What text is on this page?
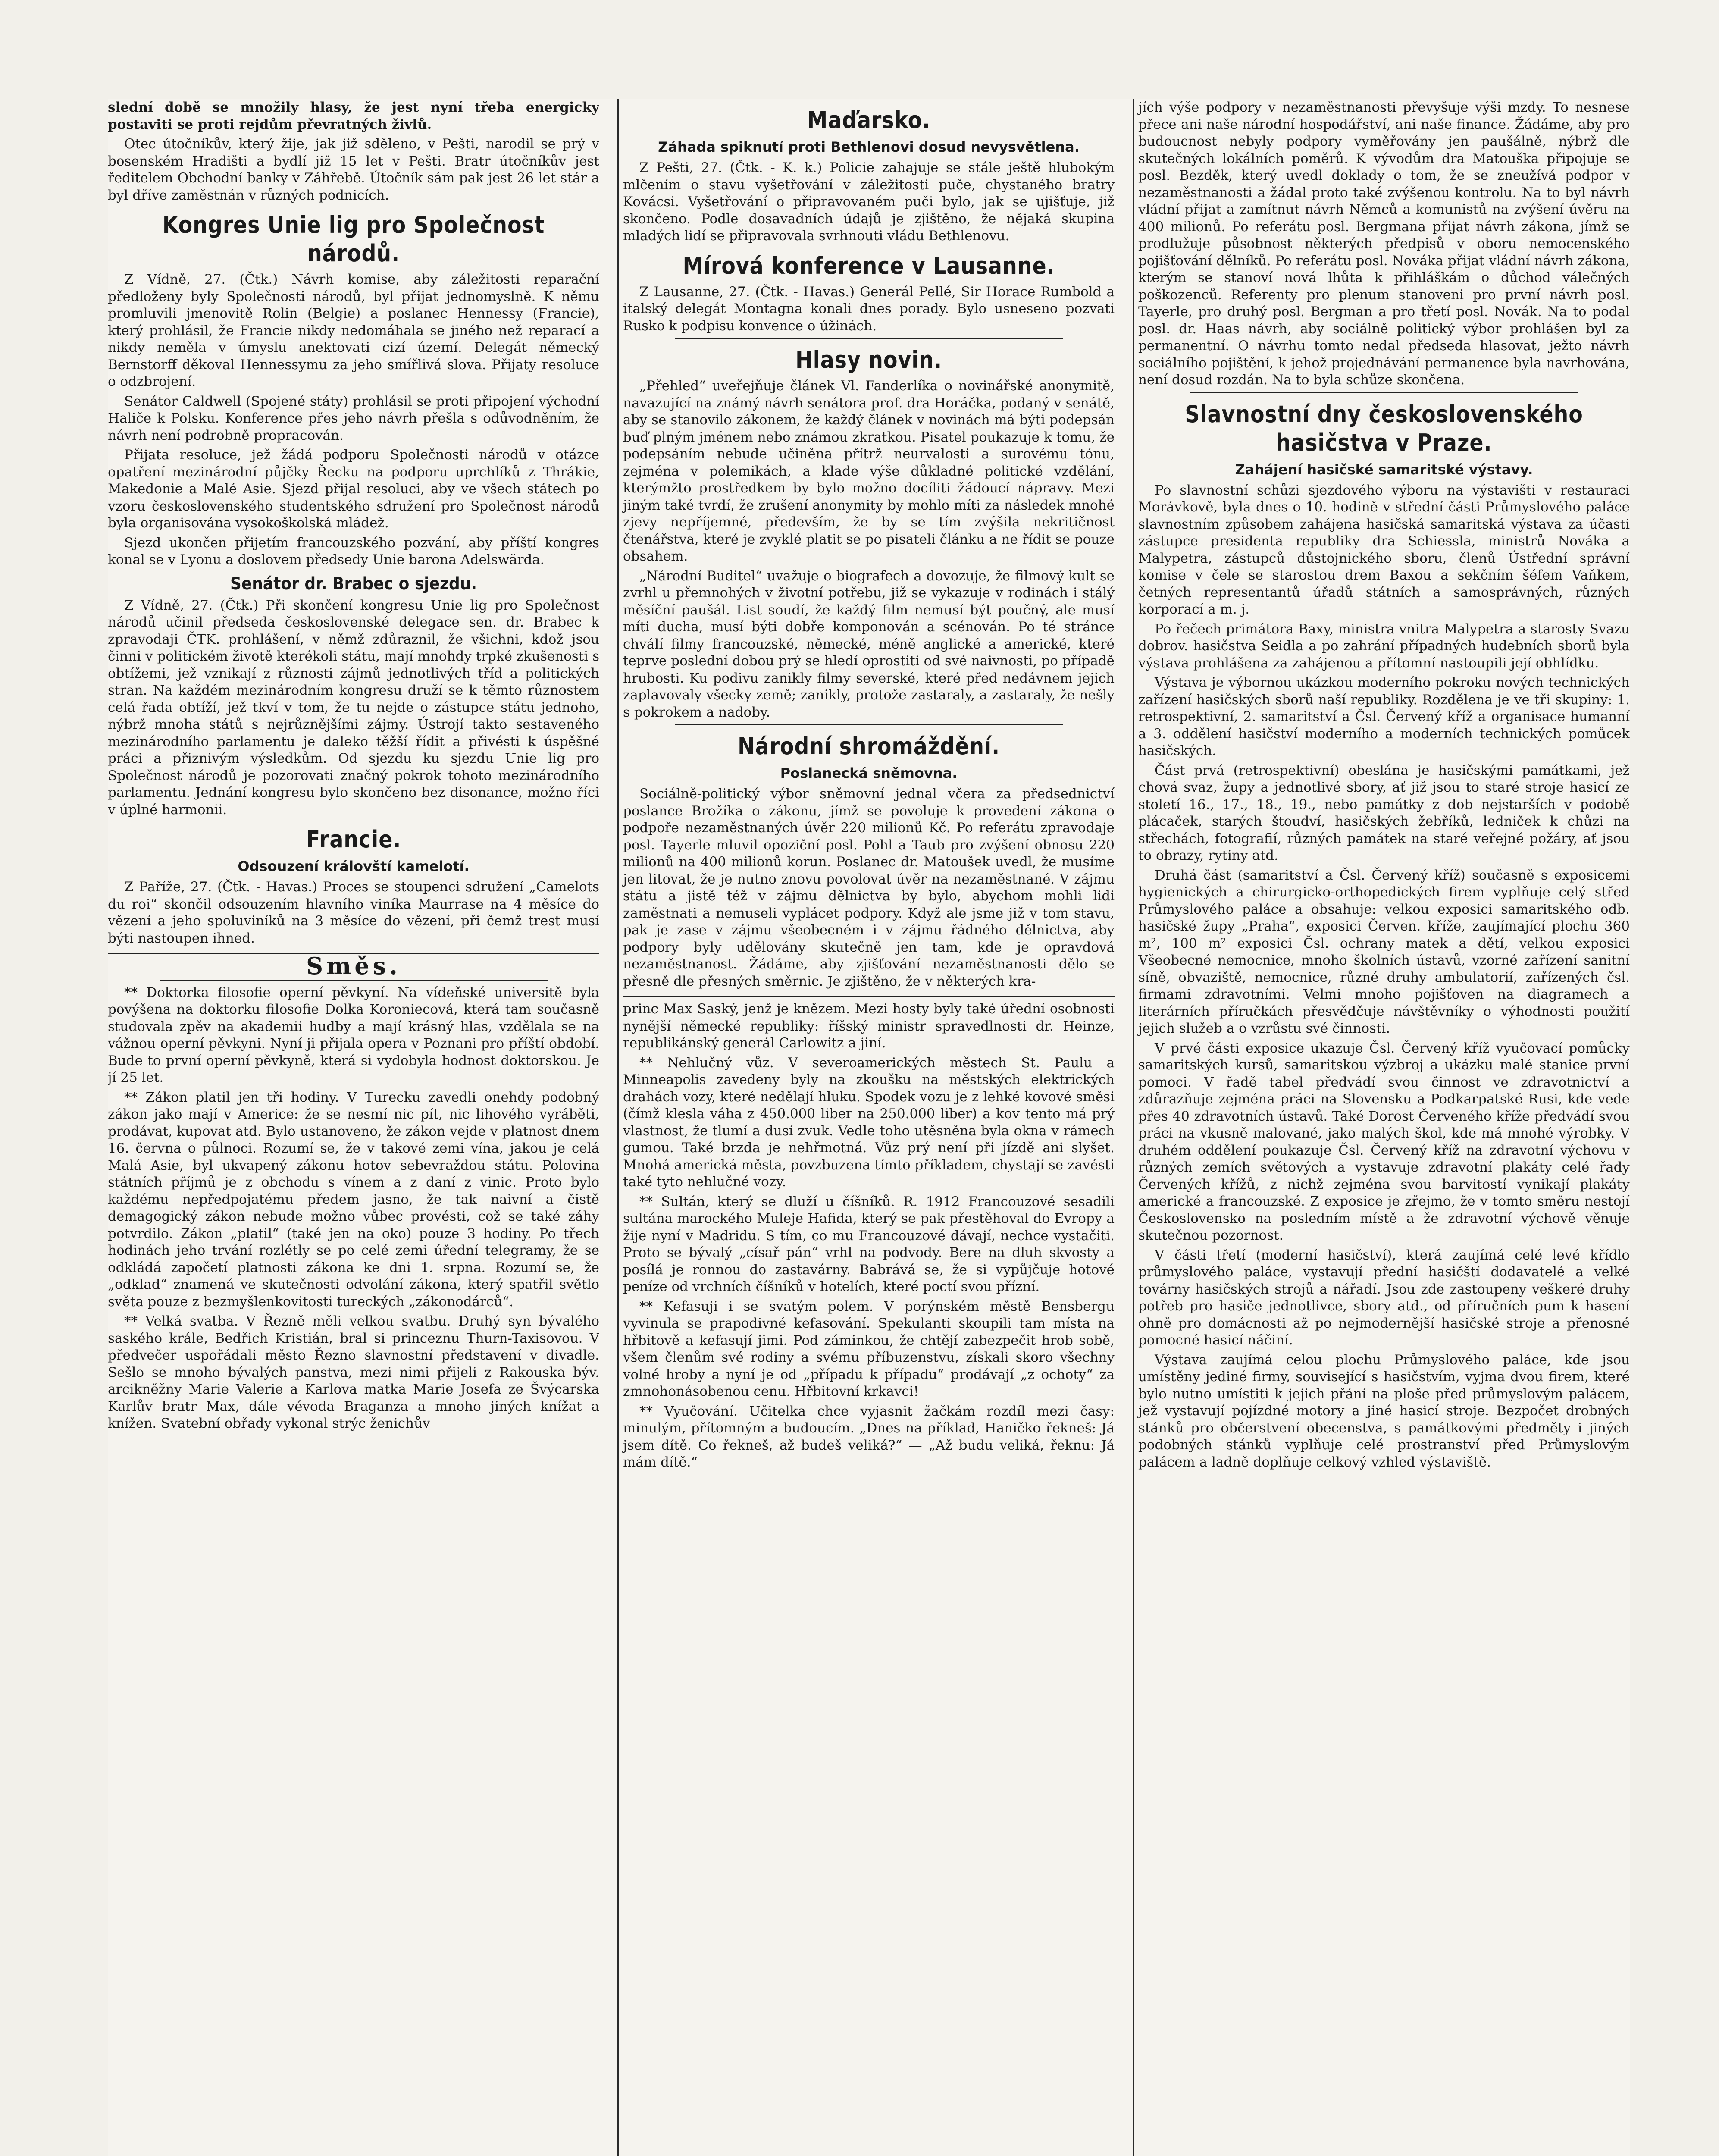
slední době se množily hlasy, že jest nyní třeba energicky postaviti se proti rejdům převratných živlů.

Otec útočníkův, který žije, jak již sděleno, v Pešti, narodil se prý v bosenském Hradišti a bydlí již 15 let v Pešti. Bratr útočníkův jest ředitelem Obchodní banky v Záhřebě. Útočník sám pak jest 26 let stár a byl dříve zaměstnán v různých podnicích.

Kongres Unie lig pro Společnost národů.

Z Vídně, 27. (Čtk.) Návrh komise, aby záležitosti reparační předloženy byly Společnosti národů, byl přijat jednomyslně. K němu promluvili jmenovitě Rolin (Belgie) a poslanec Hennessy (Francie), který prohlásil, že Francie nikdy nedomáhala se jiného než reparací a nikdy neměla v úmyslu anektovati cizí území. Delegát německý Bernstorff děkoval Hennessymu za jeho smířlivá slova. Přijaty resoluce o odzbrojení.

Senátor Caldwell (Spojené státy) prohlásil se proti připojení východní Haliče k Polsku. Konference přes jeho návrh přešla s odůvodněním, že návrh není podrobně propracován.

Přijata resoluce, jež žádá podporu Společnosti národů v otázce opatření mezinárodní půjčky Řecku na podporu uprchlíků z Thrákie, Makedonie a Malé Asie. Sjezd přijal resoluci, aby ve všech státech po vzoru československého studentského sdružení pro Společnost národů byla organisována vysokoškolská mládež.

Sjezd ukončen přijetím francouzského pozvání, aby příští kongres konal se v Lyonu a doslovem předsedy Unie barona Adelswärda.

Senátor dr. Brabec o sjezdu.

Z Vídně, 27. (Čtk.) Při skončení kongresu Unie lig pro Společnost národů učinil předseda československé delegace sen. dr. Brabec k zpravodaji ČTK. prohlášení, v němž zdůraznil, že všichni, kdož jsou činni v politickém životě kterékoli státu, mají mnohdy trpké zkušenosti s obtížemi, jež vznikají z různosti zájmů jednotlivých tříd a politických stran. Na každém mezinárodním kongresu druží se k těmto různostem celá řada obtíží, jež tkví v tom, že tu nejde o zástupce státu jednoho, nýbrž mnoha států s nejrůznějšími zájmy. Ústrojí takto sestaveného mezinárodního parlamentu je daleko těžší řídit a přivésti k úspěšné práci a přiznivým výsledkům. Od sjezdu ku sjezdu Unie lig pro Společnost národů je pozorovati značný pokrok tohoto mezinárodního parlamentu. Jednání kongresu bylo skončeno bez disonance, možno říci v úplné harmonii.

Francie.
Odsouzení královští kamelotí.

Z Paříže, 27. (Čtk. - Havas.) Proces se stoupenci sdružení „Camelots du roi“ skončil odsouzením hlavního viníka Maurrase na 4 měsíce do vězení a jeho spoluviníků na 3 měsíce do vězení, při čemž trest musí býti nastoupen ihned.

Směs.

** Doktorka filosofie operní pěvkyní. Na vídeňské universitě byla povýšena na doktorku filosofie Dolka Koroniecová, která tam současně studovala zpěv na akademii hudby a mají krásný hlas, vzdělala se na vážnou operní pěvkyni. Nyní ji přijala opera v Poznani pro příští období. Bude to první operní pěvkyně, která si vydobyla hodnost doktorskou. Je jí 25 let.

** Zákon platil jen tři hodiny. V Turecku zavedli onehdy podobný zákon jako mají v Americe: že se nesmí nic pít, nic lihového vyráběti, prodávat, kupovat atd. Bylo ustanoveno, že zákon vejde v platnost dnem 16. června o půlnoci. Rozumí se, že v takové zemi vína, jakou je celá Malá Asie, byl ukvapený zákonu hotov sebevraždou státu. Polovina státních příjmů je z obchodu s vínem a z daní z vinic. Proto bylo každému nepředpojatému předem jasno, že tak naivní a čistě demagogický zákon nebude možno vůbec provésti, což se také záhy potvrdilo. Zákon „platil“ (také jen na oko) pouze 3 hodiny. Po třech hodinách jeho trvání rozlétly se po celé zemi úřední telegramy, že se odkládá započetí platnosti zákona ke dni 1. srpna. Rozumí se, že „odklad“ znamená ve skutečnosti odvolání zákona, který spatřil světlo světa pouze z bezmyšlenkovitosti tureckých „zákonodárců“.

** Velká svatba. V Řezně měli velkou svatbu. Druhý syn bývalého saského krále, Bedřich Kristián, bral si princeznu Thurn-Taxisovou. V předvečer uspořádali město Řezno slavnostní představení v divadle. Sešlo se mnoho bývalých panstva, mezi nimi přijeli z Rakouska býv. arcikněžny Marie Valerie a Karlova matka Marie Josefa ze Švýcarska Karlův bratr Max, dále vévoda Braganza a mnoho jiných knížat a knížen. Svatební obřady vykonal strýc ženichův

Maďarsko.
Záhada spiknutí proti Bethlenovi dosud nevysvětlena.

Z Pešti, 27. (Čtk. - K. k.) Policie zahajuje se stále ještě hlubokým mlčením o stavu vyšetřování v záležitosti puče, chystaného bratry Kovácsi. Vyšetřování o připravovaném puči bylo, jak se ujišťuje, již skončeno. Podle dosavadních údajů je zjištěno, že nějaká skupina mladých lidí se připravovala svrhnouti vládu Bethlenovu.

Mírová konference v Lausanne.

Z Lausanne, 27. (Čtk. - Havas.) Generál Pellé, Sir Horace Rumbold a italský delegát Montagna konali dnes porady. Bylo usneseno pozvati Rusko k podpisu konvence o úžinách.

Hlasy novin.

„Přehled“ uveřejňuje článek Vl. Fanderlíka o novinářské anonymitě, navazující na známý návrh senátora prof. dra Horáčka, podaný v senátě, aby se stanovilo zákonem, že každý článek v novinách má býti podepsán buď plným jménem nebo známou zkratkou. Pisatel poukazuje k tomu, že podepsáním nebude učiněna přítrž neurvalosti a surovému tónu, zejména v polemikách, a klade výše důkladné politické vzdělání, kterýmžto prostředkem by bylo možno docíliti žádoucí nápravy. Mezi jiným také tvrdí, že zrušení anonymity by mohlo míti za následek mnohé zjevy nepříjemné, především, že by se tím zvýšila nekritičnost čtenářstva, které je zvyklé platit se po pisateli článku a ne řídit se pouze obsahem.

„Národní Buditel“ uvažuje o biografech a dovozuje, že filmový kult se zvrhl u přemnohých v životní potřebu, již se vykazuje v rodinách i stálý měsíční paušál. List soudí, že každý film nemusí být poučný, ale musí míti ducha, musí býti dobře komponován a scénován. Po té stránce chválí filmy francouzské, německé, méně anglické a americké, které teprve poslední dobou prý se hledí oprostiti od své naivnosti, po případě hrubosti. Ku podivu zanikly filmy severské, které před nedávnem jejich zaplavovaly všecky země; zanikly, protože zastaraly, a zastaraly, že nešly s pokrokem a nadoby.

Národní shromáždění.
Poslanecká sněmovna.

Sociálně-politický výbor sněmovní jednal včera za předsednictví poslance Brožíka o zákonu, jímž se povoluje k provedení zákona o podpoře nezaměstnaných úvěr 220 milionů Kč. Po referátu zpravodaje posl. Tayerle mluvil opoziční posl. Pohl a Taub pro zvýšení obnosu 220 milionů na 400 milionů korun. Poslanec dr. Matoušek uvedl, že musíme jen litovat, že je nutno znovu povolovat úvěr na nezaměstnané. V zájmu státu a jistě též v zájmu dělnictva by bylo, abychom mohli lidi zaměstnati a nemuseli vyplácet podpory. Když ale jsme již v tom stavu, pak je zase v zájmu všeobecném i v zájmu řádného dělnictva, aby podpory byly udělovány skutečně jen tam, kde je opravdová nezaměstnanost. Žádáme, aby zjišťování nezaměstnanosti dělo se přesně dle přesných směrnic. Je zjištěno, že v některých kra-

princ Max Saský, jenž je knězem. Mezi hosty byly také úřední osobnosti nynější německé republiky: říšský ministr spravedlnosti dr. Heinze, republikánský generál Carlowitz a jiní.

** Nehlučný vůz. V severoamerických městech St. Paulu a Minneapolis zavedeny byly na zkoušku na městských elektrických drahách vozy, které nedělají hluku. Spodek vozu je z lehké kovové směsi (čímž klesla váha z 450.000 liber na 250.000 liber) a kov tento má prý vlastnost, že tlumí a dusí zvuk. Vedle toho utěsněna byla okna v rámech gumou. Také brzda je nehřmotná. Vůz prý není při jízdě ani slyšet. Mnohá americká města, povzbuzena tímto příkladem, chystají se zavésti také tyto nehlučné vozy.

** Sultán, který se dluží u číšníků. R. 1912 Francouzové sesadili sultána marockého Muleje Hafida, který se pak přestěhoval do Evropy a žije nyní v Madridu. S tím, co mu Francouzové dávají, nechce vystačiti. Proto se bývalý „císař pán“ vrhl na podvody. Bere na dluh skvosty a posílá je ronnou do zastavárny. Babrává se, že si vypůjčuje hotové peníze od vrchních číšníků v hotelích, které poctí svou přízní.

** Kefasuji i se svatým polem. V porýnském městě Bensbergu vyvinula se prapodivné kefasování. Spekulanti skoupili tam místa na hřbitově a kefasují jimi. Pod záminkou, že chtějí zabezpečit hrob sobě, všem členům své rodiny a svému příbuzenstvu, získali skoro všechny volné hroby a nyní je od „případu k případu“ prodávají „z ochoty“ za zmnohonásobenou cenu. Hřbitovní krkavci!

** Vyučování. Učitelka chce vyjasnit žačkám rozdíl mezi časy: minulým, přítomným a budoucím. „Dnes na příklad, Haničko řekneš: Já jsem dítě. Co řekneš, až budeš veliká?“ — „Až budu veliká, řeknu: Já mám dítě.“

jích výše podpory v nezaměstnanosti převyšuje výši mzdy. To nesnese přece ani naše národní hospodářství, ani naše finance. Žádáme, aby pro budoucnost nebyly podpory vyměřovány jen paušálně, nýbrž dle skutečných lokálních poměrů. K vývodům dra Matouška připojuje se posl. Bezděk, který uvedl doklady o tom, že se zneužívá podpor v nezaměstnanosti a žádal proto také zvýšenou kontrolu. Na to byl návrh vládní přijat a zamítnut návrh Němců a komunistů na zvýšení úvěru na 400 milionů. Po referátu posl. Bergmana přijat návrh zákona, jímž se prodlužuje působnost některých předpisů v oboru nemocenského pojišťování dělníků. Po referátu posl. Nováka přijat vládní návrh zákona, kterým se stanoví nová lhůta k přihláškám o důchod válečných poškozenců. Referenty pro plenum stanoveni pro první návrh posl. Tayerle, pro druhý posl. Bergman a pro třetí posl. Novák. Na to podal posl. dr. Haas návrh, aby sociálně politický výbor prohlášen byl za permanentní. O návrhu tomto nedal předseda hlasovat, ježto návrh sociálního pojištění, k jehož projednávání permanence byla navrhována, není dosud rozdán. Na to byla schůze skončena.

Slavnostní dny československého hasičstva v Praze.
Zahájení hasičské samaritské výstavy.

Po slavnostní schůzi sjezdového výboru na výstavišti v restauraci Morávkově, byla dnes o 10. hodině v střední části Průmyslového paláce slavnostním způsobem zahájena hasičská samaritská výstava za účasti zástupce presidenta republiky dra Schiessla, ministrů Nováka a Malypetra, zástupců důstojnického sboru, členů Ústřední správní komise v čele se starostou drem Baxou a sekčním šéfem Vaňkem, četných representantů úřadů státních a samosprávných, různých korporací a m. j.

Po řečech primátora Baxy, ministra vnitra Malypetra a starosty Svazu dobrov. hasičstva Seidla a po zahrání případných hudebních sborů byla výstava prohlášena za zahájenou a přítomní nastoupili její obhlídku.

Výstava je výbornou ukázkou moderního pokroku nových technických zařízení hasičských sborů naší republiky. Rozdělena je ve tři skupiny: 1. retrospektivní, 2. samaritství a Čsl. Červený kříž a organisace humanní a 3. oddělení hasičství moderního a moderních technických pomůcek hasičských.

Část prvá (retrospektivní) obeslána je hasičskými památkami, jež chová svaz, župy a jednotlivé sbory, ať již jsou to staré stroje hasicí ze století 16., 17., 18., 19., nebo památky z dob nejstarších v podobě plácaček, starých štoudví, hasičských žebříků, ledniček k chůzi na střechách, fotografií, různých památek na staré veřejné požáry, ať jsou to obrazy, rytiny atd.

Druhá část (samaritství a Čsl. Červený kříž) současně s exposicemi hygienických a chirurgicko-orthopedických firem vyplňuje celý střed Průmyslového paláce a obsahuje: velkou exposici samaritského odb. hasičské župy „Praha“, exposici Červen. kříže, zaujímající plochu 360 m², 100 m² exposici Čsl. ochrany matek a dětí, velkou exposici Všeobecné nemocnice, mnoho školních ústavů, vzorné zařízení sanitní síně, obvaziště, nemocnice, různé druhy ambulatorií, zařízených čsl. firmami zdravotními. Velmi mnoho pojišťoven na diagramech a literárních příručkách přesvědčuje návštěvníky o výhodnosti použití jejich služeb a o vzrůstu své činnosti.

V prvé části exposice ukazuje Čsl. Červený kříž vyučovací pomůcky samaritských kursů, samaritskou výzbroj a ukázku malé stanice první pomoci. V řadě tabel předvádí svou činnost ve zdravotnictví a zdůrazňuje zejména práci na Slovensku a Podkarpatské Rusi, kde vede přes 40 zdravotních ústavů. Také Dorost Červeného kříže předvádí svou práci na vkusně malované, jako malých škol, kde má mnohé výrobky. V druhém oddělení poukazuje Čsl. Červený kříž na zdravotní výchovu v různých zemích světových a vystavuje zdravotní plakáty celé řady Červených křížů, z nichž zejména svou barvitostí vynikají plakáty americké a francouzské. Z exposice je zřejmo, že v tomto směru nestojí Československo na posledním místě a že zdravotní výchově věnuje skutečnou pozornost.

V části třetí (moderní hasičství), která zaujímá celé levé křídlo průmyslového paláce, vystavují přední hasičští dodavatelé a velké továrny hasičských strojů a nářadí. Jsou zde zastoupeny veškeré druhy potřeb pro hasiče jednotlivce, sbory atd., od příručních pum k hasení ohně pro domácnosti až po nejmodernější hasičské stroje a přenosné pomocné hasicí náčiní.

Výstava zaujímá celou plochu Průmyslového paláce, kde jsou umístěny jediné firmy, související s hasičstvím, vyjma dvou firem, které bylo nutno umístiti k jejich přání na ploše před průmyslovým palácem, jež vystavují pojízdné motory a jiné hasicí stroje. Bezpočet drobných stánků pro občerstvení obecenstva, s památkovými předměty i jiných podobných stánků vyplňuje celé prostranství před Průmyslovým palácem a ladně doplňuje celkový vzhled výstaviště.
